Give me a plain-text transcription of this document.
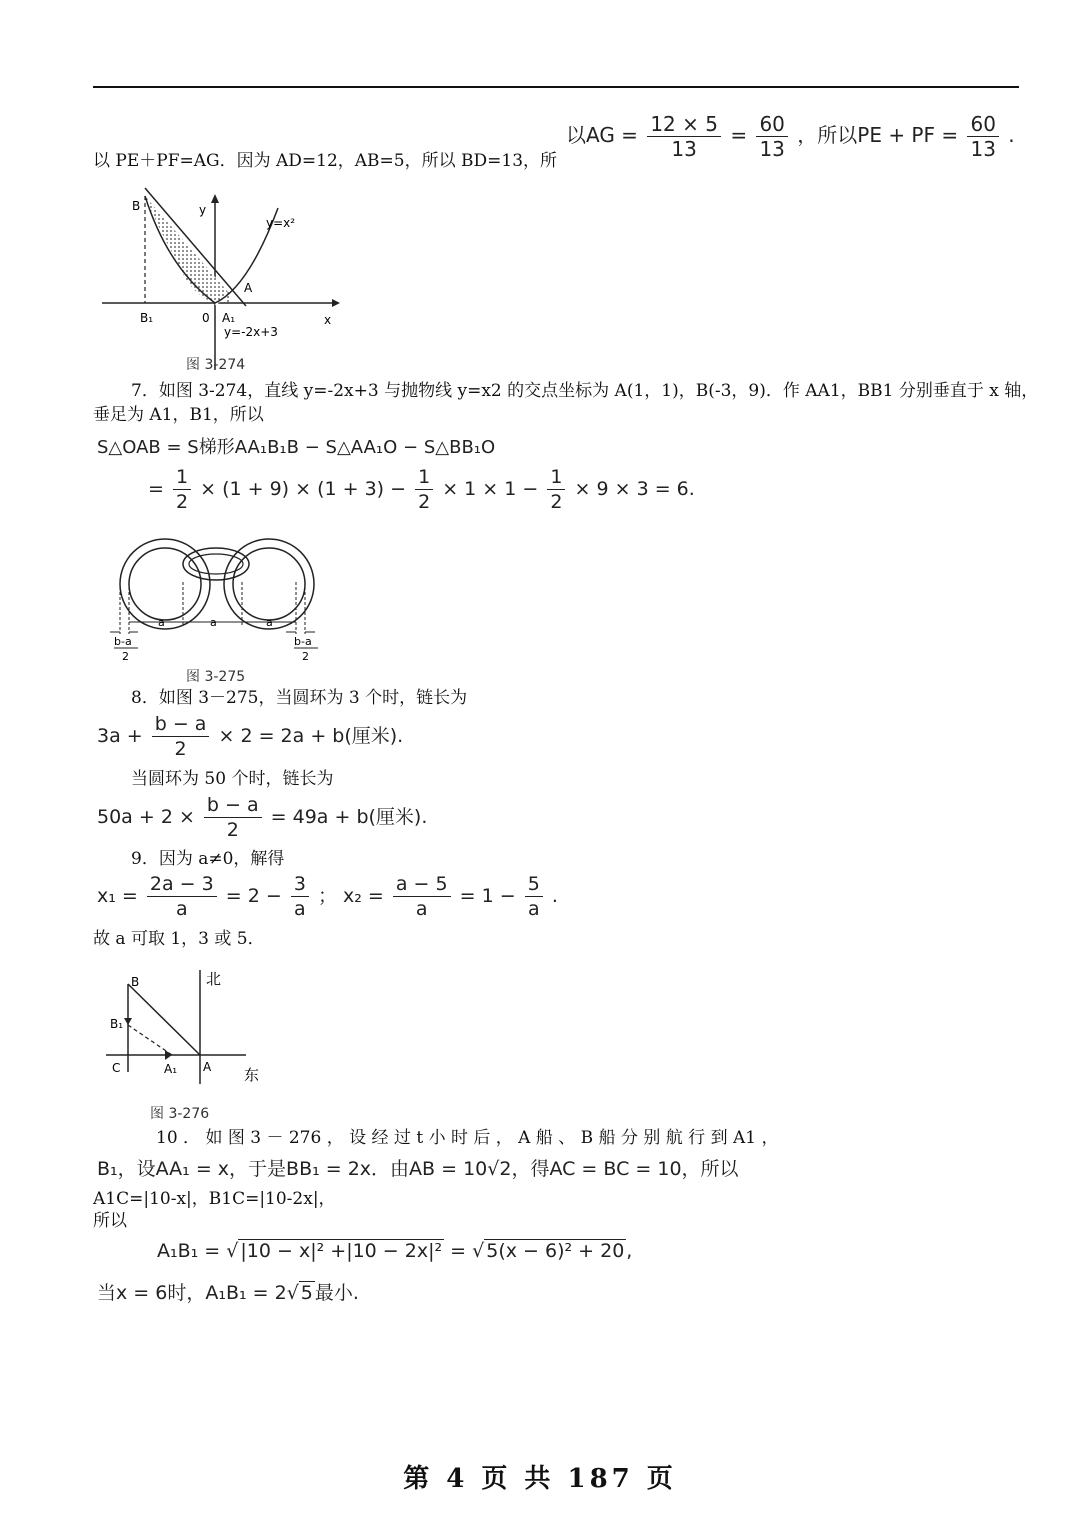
以 PE＋PF=AG．因为 AD=12，AB=5，所以 BD=13，所
以AG = $\frac{12 \times 5}{13} = \frac{60}{13}$ ，所以PE + PF = $\frac{60}{13}$ .
B	y
y=x²
A
B₁	0 A₁	x
y=-2x+3
图 3-274
7．如图 3-274，直线 y=-2x+3 与抛物线 y=x2 的交点坐标为 A(1，1)，B(-3，9)．作 AA1，BB1 分别垂直于 x 轴，
垂足为 A1，B1，所以
S△OAB = S梯形AA₁B₁B − S△AA₁O − S△BB₁O
= $\frac{1}{2} \times (1 + 9) \times (1 + 3) - \frac{1}{2} \times 1 \times 1 - \frac{1}{2} \times 9 \times 3 = 6$.
a	a	a
b-a
2
b-a
2
图 3-275
8．如图 3－275，当圆环为 3 个时，链长为
$3a + \frac{b - a}{2} \times 2 = 2a + b$(厘米).
当圆环为 50 个时，链长为
$50a + 2 \times \frac{b - a}{2} = 49a + b$(厘米).
9．因为 a≠0，解得
$x_1 = \frac{2a - 3}{a} = 2 - \frac{3}{a}$ ； $x_2 = \frac{a - 5}{a} = 1 - \frac{5}{a}$ .
故 a 可取 1，3 或 5．
B	北
B₁
C	A₁ A 东
图 3-276
10 ． 如 图 3 － 276 ， 设 经 过 t 小 时 后 ， A 船 、 B 船 分 别 航 行 到 A1 ，
B₁，设AA₁ = x，于是BB₁ = 2x．由AB = 10√2，得AC = BC = 10，所以
A1C=|10-x|，B1C=|10-2x|，
所以
A₁B₁ = √ |10 − x|² +|10 − 2x|² = √ 5(x − 6)² + 20 ,
当x = 6时，A₁B₁ = 2√ 5 最小.
第 4 页 共 187 页
